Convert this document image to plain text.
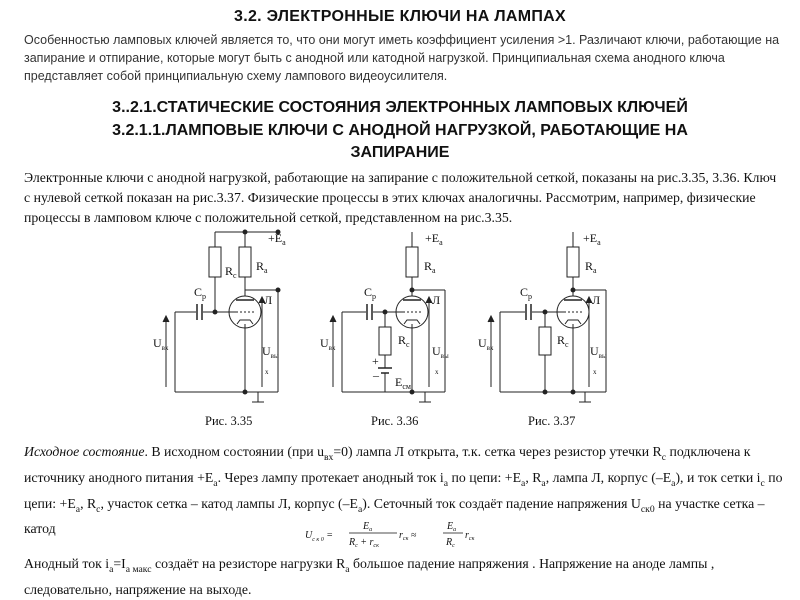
3.2. ЭЛЕКТРОННЫЕ КЛЮЧИ НА ЛАМПАХ
Особенностью ламповых ключей является то, что они могут иметь коэффициент усиления >1. Различают ключи, работающие на запирание и отпирание, которые могут быть с анодной или катодной нагрузкой. Принципиальная схема анодного ключа представляет собой принципиальную схему лампового видеоусилителя.
3..2.1.СТАТИЧЕСКИЕ СОСТОЯНИЯ ЭЛЕКТРОННЫХ ЛАМПОВЫХ КЛЮЧЕЙ
3.2.1.1.ЛАМПОВЫЕ КЛЮЧИ С АНОДНОЙ НАГРУЗКОЙ, РАБОТАЮЩИЕ НА
ЗАПИРАНИЕ
Электронные ключи с анодной нагрузкой, работающие на запирание с положительной сеткой, показаны на рис.3.35, 3.36. Ключ с нулевой сеткой показан на рис.3.37. Физические процессы в этих ключах аналогичны. Рассмотрим, например, физические процессы в ламповом ключе с положительной сеткой, представленном на рис.3.35.
$+E_а$
$R_с$
$R_а$
$C_р$	Л
$U_{вх}$	$U_{вы}$
х
$+E_а$
$R_а$
$C_р$	Л
$R_с$
+
– $E_{см}$
$U_{вх}$	$U_{вы}$
х
$+E_а$
$R_а$
$C_р$	Л
$R_с$
$U_{вх}$	$U_{вы}$
х
Рис. 3.35	Рис. 3.36	Рис. 3.37
Исходное состояние. В исходном состоянии (при $u_{вх}=0$) лампа Л открыта, т.к. сетка через резистор утечки $R_с$ подключена к источнику анодного питания $+Е_а$. Через лампу протекает анодный ток $i_а$ по цепи: $+Е_а$, $R_а$, лампа Л, корпус $(-Е_а)$, и ток сетки $i_с$ по цепи: $+Е_а$, $R_с$, участок сетка – катод лампы Л, корпус $(-Е_а)$. Сеточный ток создаёт падение напряжения $U_{ск0}$ на участке сетка – катод	$U_{с к 0}$ =
$E_а$
$R_с + r_{ск}$
$r_{ск}$ ≈
$E_а$
$R_с$
$r_{ск}$
Анодный ток $i_а=I_{а макс}$ создаёт на резисторе нагрузки $R_а$ большое падение напряжения . Напряжение на аноде лампы , следовательно, напряжение на выходе.
